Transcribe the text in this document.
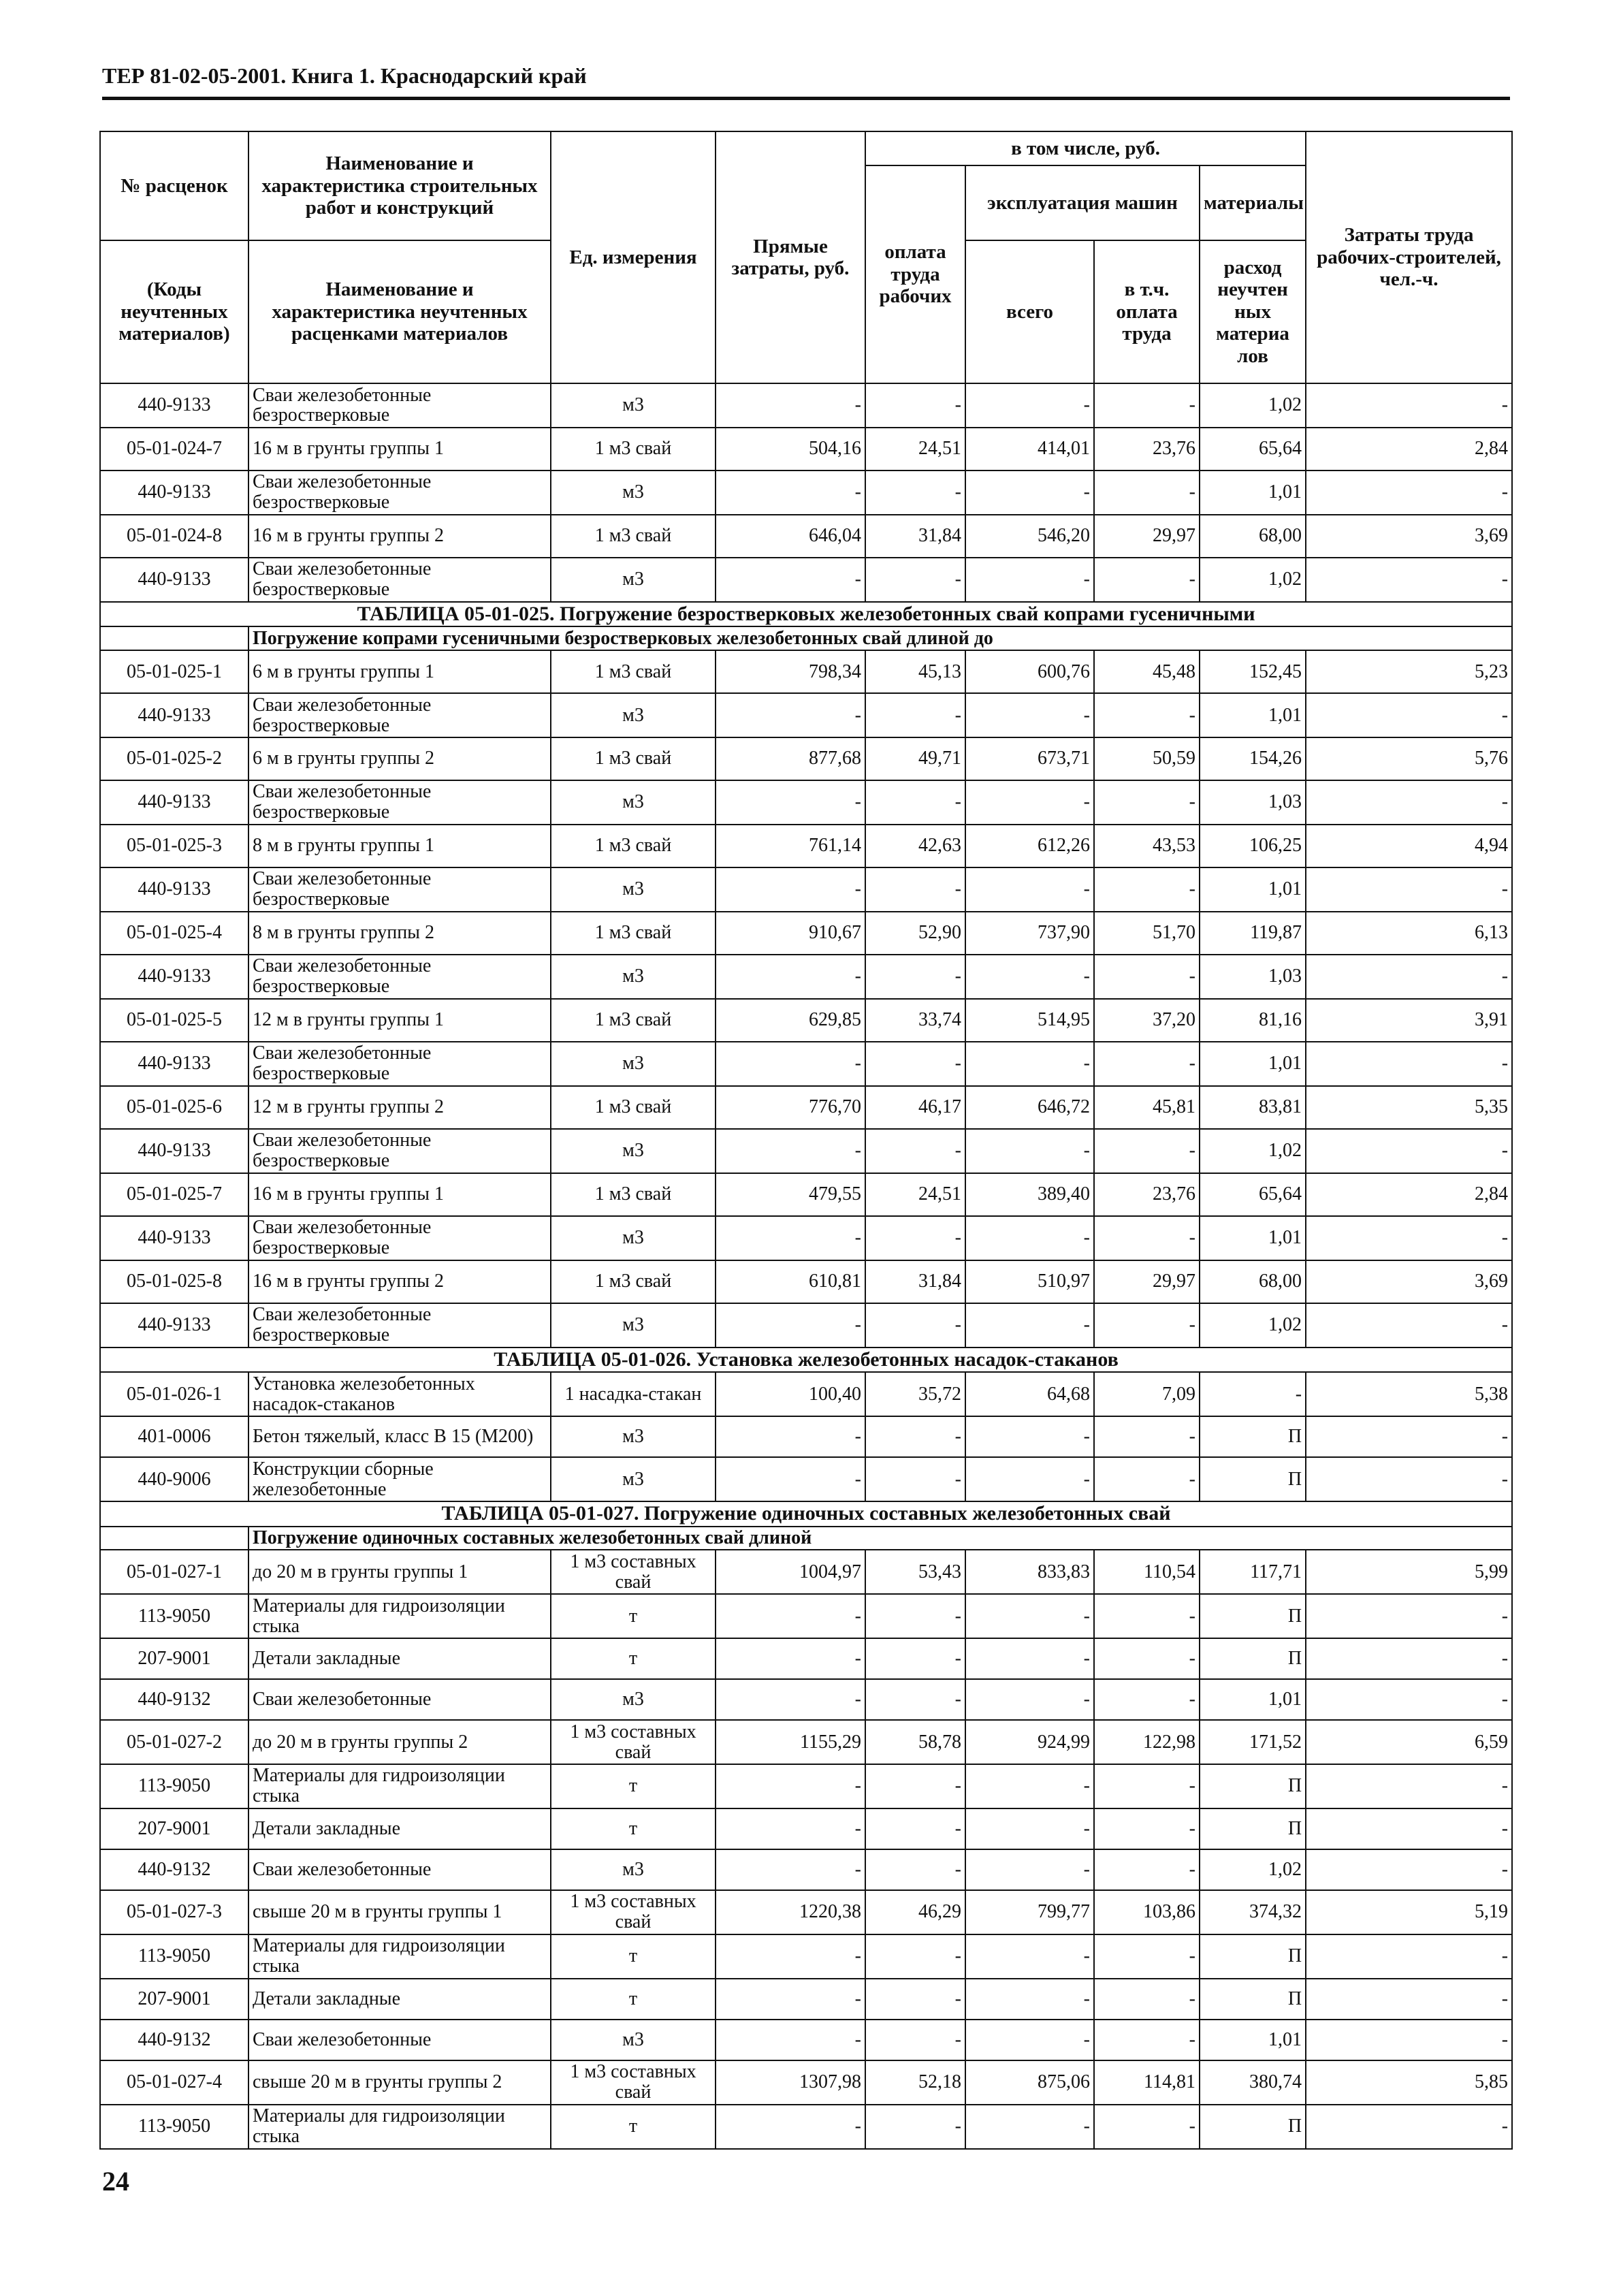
ТЕР 81-02-05-2001. Книга 1. Краснодарский край
№ расценок	Наименование и характеристика строительных работ и конструкций	Ед. измерения	Прямые затраты, руб.	в том числе, руб.				Затраты труда рабочих-строителей, чел.-ч.
				оплата труда рабочих	эксплуатация машин		материалы	

(Коды неучтенных материалов)	Наименование и характеристика неучтенных расценками материалов				всего	в т.ч. оплата труда	расход неучтен ных материа лов	

440-9133	Сваи железобетонные безростверковые	м3	-	-	-	-	1,02	-
05-01-024-7	16 м в грунты группы 1	1 м3 свай	504,16	24,51	414,01	23,76	65,64	2,84
440-9133	Сваи железобетонные безростверковые	м3	-	-	-	-	1,01	-
05-01-024-8	16 м в грунты группы 2	1 м3 свай	646,04	31,84	546,20	29,97	68,00	3,69
440-9133	Сваи железобетонные безростверковые	м3	-	-	-	-	1,02	-
ТАБЛИЦА 05-01-025. Погружение безростверковых железобетонных свай копрами гусеничными								
	Погружение копрами гусеничными безростверковых железобетонных свай длиной до							
05-01-025-1	6 м в грунты группы 1	1 м3 свай	798,34	45,13	600,76	45,48	152,45	5,23
440-9133	Сваи железобетонные безростверковые	м3	-	-	-	-	1,01	-
05-01-025-2	6 м в грунты группы 2	1 м3 свай	877,68	49,71	673,71	50,59	154,26	5,76
440-9133	Сваи железобетонные безростверковые	м3	-	-	-	-	1,03	-
05-01-025-3	8 м в грунты группы 1	1 м3 свай	761,14	42,63	612,26	43,53	106,25	4,94
440-9133	Сваи железобетонные безростверковые	м3	-	-	-	-	1,01	-
05-01-025-4	8 м в грунты группы 2	1 м3 свай	910,67	52,90	737,90	51,70	119,87	6,13
440-9133	Сваи железобетонные безростверковые	м3	-	-	-	-	1,03	-
05-01-025-5	12 м в грунты группы 1	1 м3 свай	629,85	33,74	514,95	37,20	81,16	3,91
440-9133	Сваи железобетонные безростверковые	м3	-	-	-	-	1,01	-
05-01-025-6	12 м в грунты группы 2	1 м3 свай	776,70	46,17	646,72	45,81	83,81	5,35
440-9133	Сваи железобетонные безростверковые	м3	-	-	-	-	1,02	-
05-01-025-7	16 м в грунты группы 1	1 м3 свай	479,55	24,51	389,40	23,76	65,64	2,84
440-9133	Сваи железобетонные безростверковые	м3	-	-	-	-	1,01	-
05-01-025-8	16 м в грунты группы 2	1 м3 свай	610,81	31,84	510,97	29,97	68,00	3,69
440-9133	Сваи железобетонные безростверковые	м3	-	-	-	-	1,02	-
ТАБЛИЦА 05-01-026. Установка железобетонных насадок-стаканов								
05-01-026-1	Установка железобетонных насадок-стаканов	1 насадка-стакан	100,40	35,72	64,68	7,09	-	5,38
401-0006	Бетон тяжелый, класс В 15 (М200)	м3	-	-	-	-	П	-
440-9006	Конструкции сборные железобетонные	м3	-	-	-	-	П	-
ТАБЛИЦА 05-01-027. Погружение одиночных составных железобетонных свай								
	Погружение одиночных составных железобетонных свай длиной							
05-01-027-1	до 20 м в грунты группы 1	1 м3 составных свай	1004,97	53,43	833,83	110,54	117,71	5,99
113-9050	Материалы для гидроизоляции стыка	т	-	-	-	-	П	-
207-9001	Детали закладные	т	-	-	-	-	П	-
440-9132	Сваи железобетонные	м3	-	-	-	-	1,01	-
05-01-027-2	до 20 м в грунты группы 2	1 м3 составных свай	1155,29	58,78	924,99	122,98	171,52	6,59
113-9050	Материалы для гидроизоляции стыка	т	-	-	-	-	П	-
207-9001	Детали закладные	т	-	-	-	-	П	-
440-9132	Сваи железобетонные	м3	-	-	-	-	1,02	-
05-01-027-3	свыше 20 м в грунты группы 1	1 м3 составных свай	1220,38	46,29	799,77	103,86	374,32	5,19
113-9050	Материалы для гидроизоляции стыка	т	-	-	-	-	П	-
207-9001	Детали закладные	т	-	-	-	-	П	-
440-9132	Сваи железобетонные	м3	-	-	-	-	1,01	-
05-01-027-4	свыше 20 м в грунты группы 2	1 м3 составных свай	1307,98	52,18	875,06	114,81	380,74	5,85
113-9050	Материалы для гидроизоляции стыка	т	-	-	-	-	П	-
24
